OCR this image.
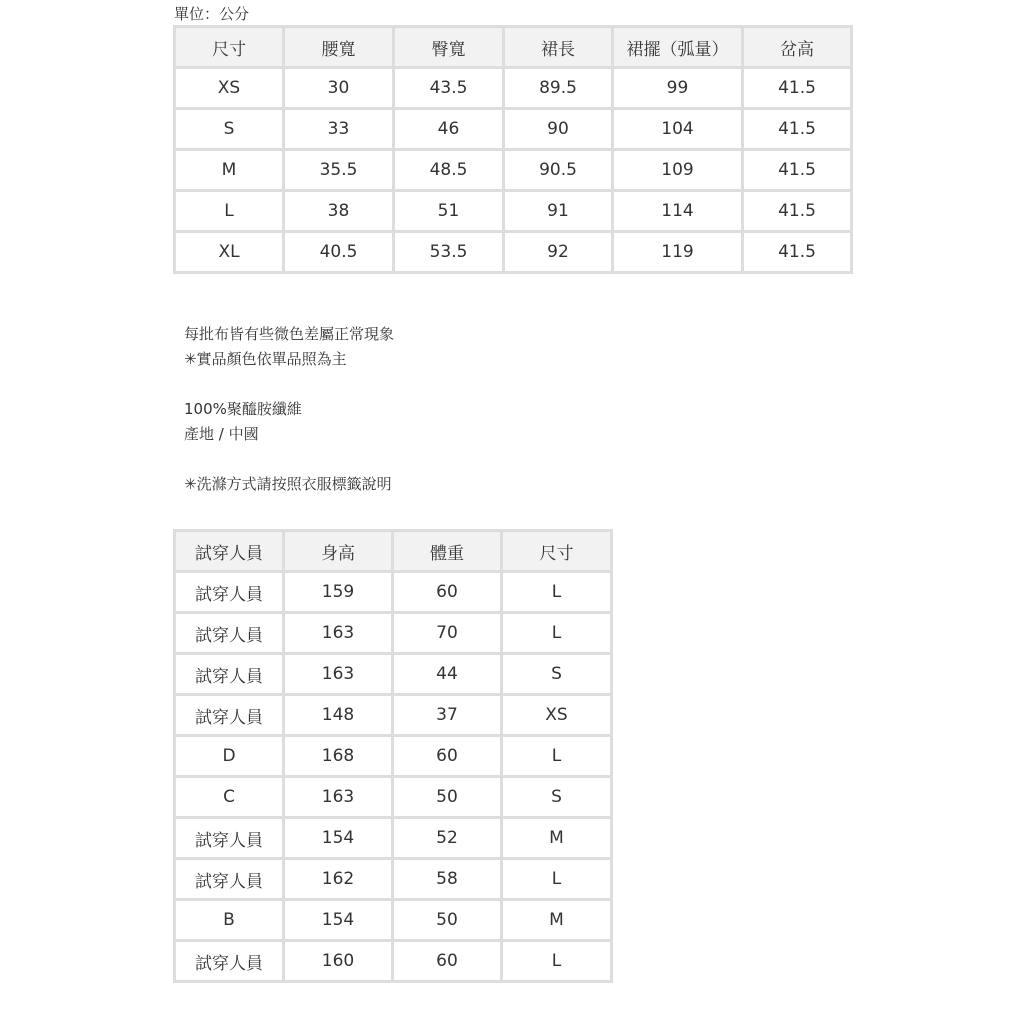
單位：公分
尺寸	腰寬	臀寬	裙長	裙擺（弧量）	岔高
XS	30	43.5	89.5	99	41.5
S	33	46	90	104	41.5
M	35.5	48.5	90.5	109	41.5
L	38	51	91	114	41.5
XL	40.5	53.5	92	119	41.5
每批布皆有些微色差屬正常現象
✳實品顏色依單品照為主
100%聚醯胺纖維
產地 / 中國
✳洗滌方式請按照衣服標籤說明
試穿人員	身高	體重	尺寸
試穿人員	159	60	L
試穿人員	163	70	L
試穿人員	163	44	S
試穿人員	148	37	XS
D	168	60	L
C	163	50	S
試穿人員	154	52	M
試穿人員	162	58	L
B	154	50	M
試穿人員	160	60	L
